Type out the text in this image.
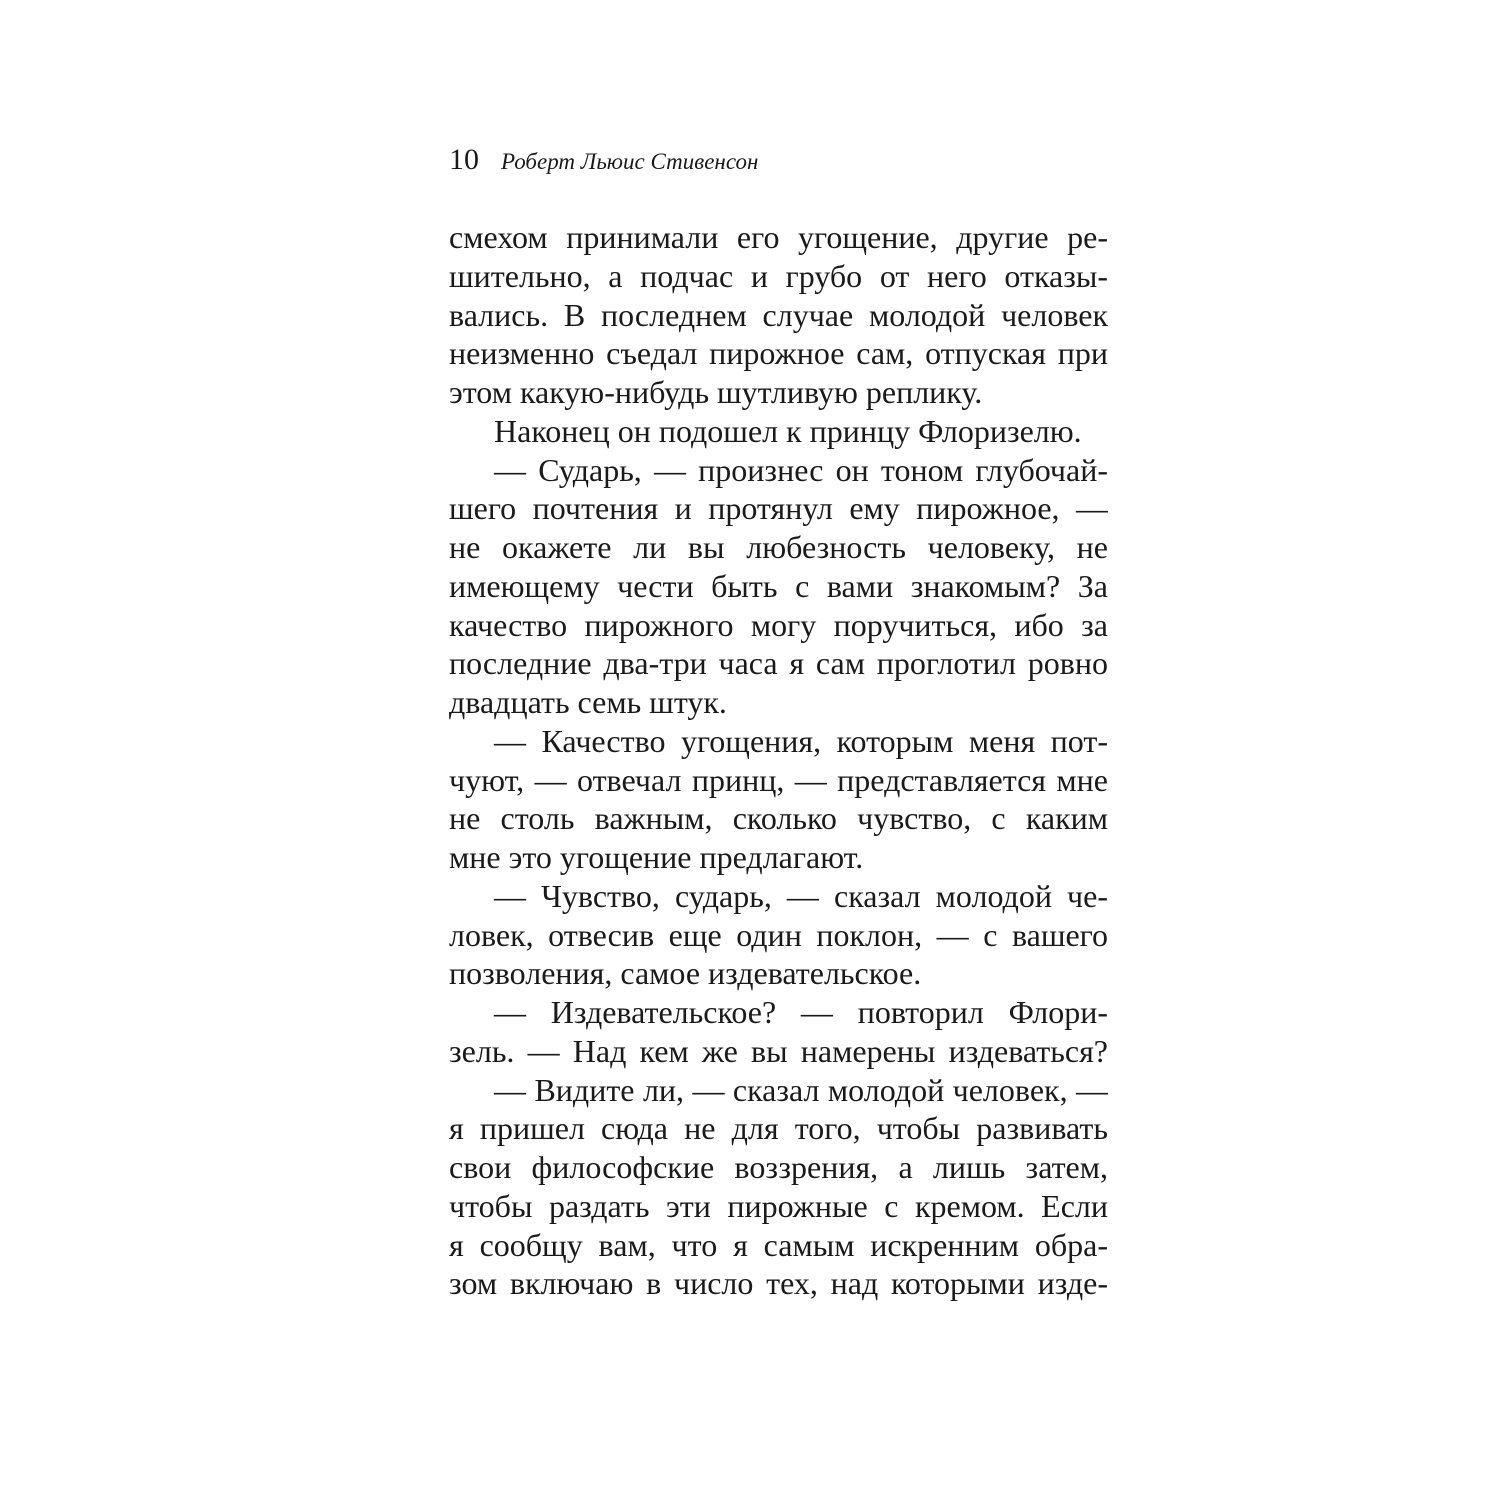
10 Роберт Льюис Стивенсон
смехом принимали его угощение, другие ре-
шительно, а подчас и грубо от него отказы-
вались. В последнем случае молодой человек
неизменно съедал пирожное сам, отпуская при
этом какую-нибудь шутливую реплику.
Наконец он подошел к принцу Флоризелю.
— Сударь, — произнес он тоном глубочай-
шего почтения и протянул ему пирожное, —
не окажете ли вы любезность человеку, не
имеющему чести быть с вами знакомым? За
качество пирожного могу поручиться, ибо за
последние два-три часа я сам проглотил ровно
двадцать семь штук.
— Качество угощения, которым меня пот-
чуют, — отвечал принц, — представляется мне
не столь важным, сколько чувство, с каким
мне это угощение предлагают.
— Чувство, сударь, — сказал молодой че-
ловек, отвесив еще один поклон, — с вашего
позволения, самое издевательское.
— Издевательское? — повторил Флори-
зель. — Над кем же вы намерены издеваться?
— Видите ли, — сказал молодой человек, —
я пришел сюда не для того, чтобы развивать
свои философские воззрения, а лишь затем,
чтобы раздать эти пирожные с кремом. Если
я сообщу вам, что я самым искренним обра-
зом включаю в число тех, над которыми изде-
